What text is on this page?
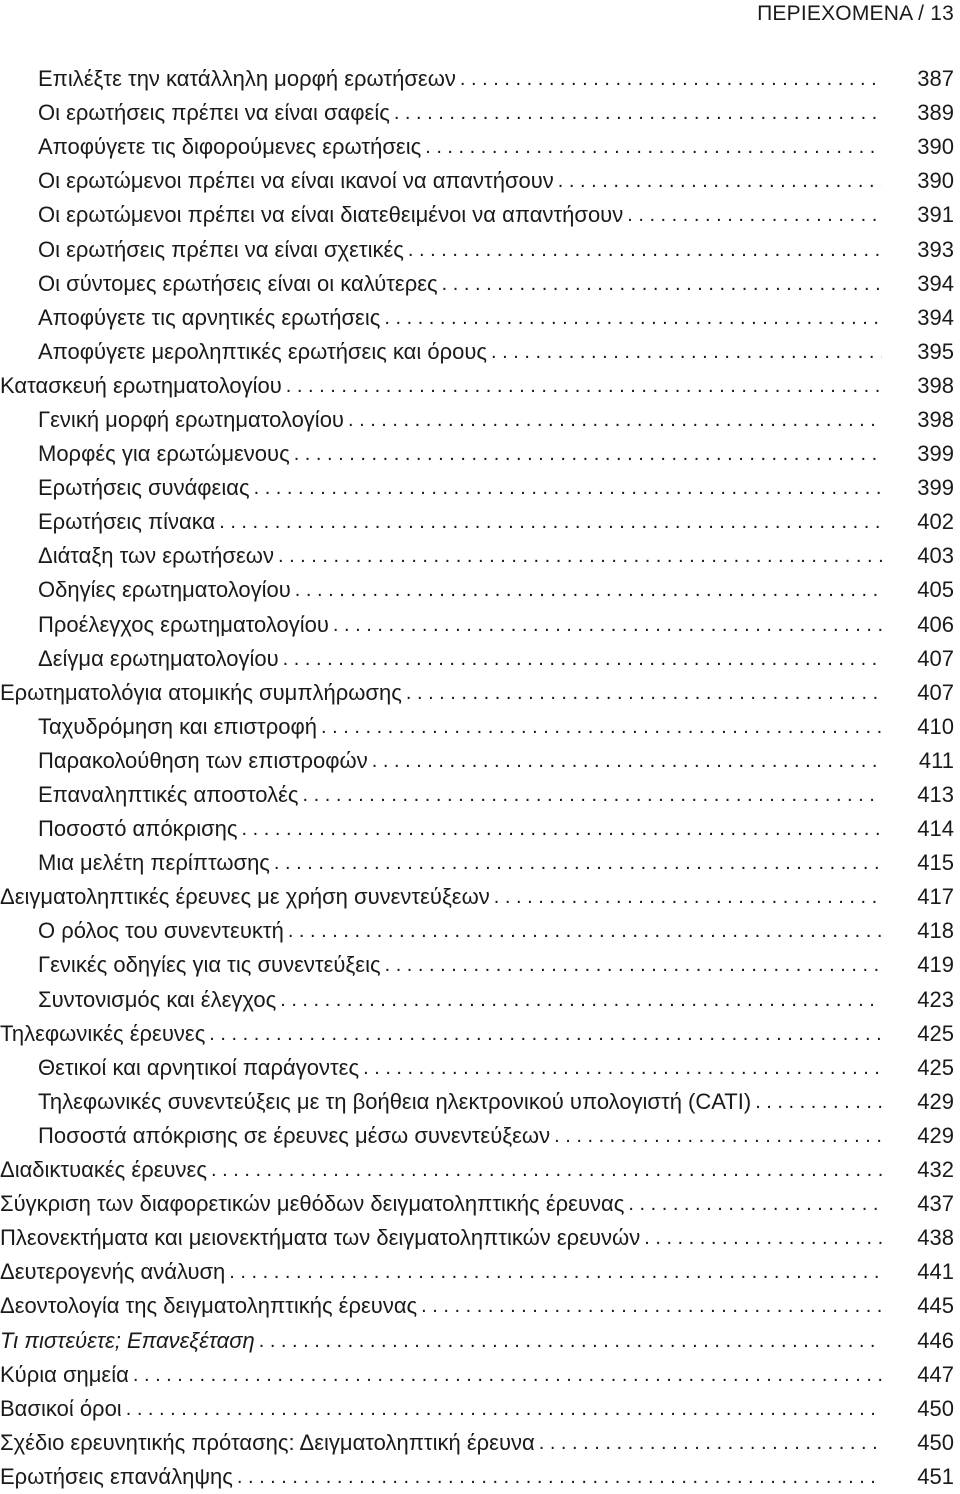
ΠΕΡΙΕΧΟΜΕΝΑ / 13
Επιλέξτε την κατάλληλη μορφή ερωτήσεων . . .	387
Οι ερωτήσεις πρέπει να είναι σαφείς . . .	389
Αποφύγετε τις διφορούμενες ερωτήσεις . . .	390
Οι ερωτώμενοι πρέπει να είναι ικανοί να απαντήσουν . . .	390
Οι ερωτώμενοι πρέπει να είναι διατεθειμένοι να απαντήσουν . . .	391
Οι ερωτήσεις πρέπει να είναι σχετικές . . .	393
Οι σύντομες ερωτήσεις είναι οι καλύτερες . . .	394
Αποφύγετε τις αρνητικές ερωτήσεις . . .	394
Αποφύγετε μεροληπτικές ερωτήσεις και όρους . . .	395
Κατασκευή ερωτηματολογίου . . .	398
Γενική μορφή ερωτηματολογίου . . .	398
Μορφές για ερωτώμενους . . .	399
Ερωτήσεις συνάφειας . . .	399
Ερωτήσεις πίνακα . . .	402
Διάταξη των ερωτήσεων . . .	403
Οδηγίες ερωτηματολογίου . . .	405
Προέλεγχος ερωτηματολογίου . . .	406
Δείγμα ερωτηματολογίου . . .	407
Ερωτηματολόγια ατομικής συμπλήρωσης . . .	407
Ταχυδρόμηση και επιστροφή . . .	410
Παρακολούθηση των επιστροφών . . .	411
Επαναληπτικές αποστολές . . .	413
Ποσοστό απόκρισης . . .	414
Μια μελέτη περίπτωσης . . .	415
Δειγματοληπτικές έρευνες με χρήση συνεντεύξεων . . .	417
Ο ρόλος του συνεντευκτή . . .	418
Γενικές οδηγίες για τις συνεντεύξεις . . .	419
Συντονισμός και έλεγχος . . .	423
Τηλεφωνικές έρευνες . . .	425
Θετικοί και αρνητικοί παράγοντες . . .	425
Τηλεφωνικές συνεντεύξεις με τη βοήθεια ηλεκτρονικού υπολογιστή (CATI) . . .	429
Ποσοστά απόκρισης σε έρευνες μέσω συνεντεύξεων . . .	429
Διαδικτυακές έρευνες . . .	432
Σύγκριση των διαφορετικών μεθόδων δειγματοληπτικής έρευνας . . .	437
Πλεονεκτήματα και μειονεκτήματα των δειγματοληπτικών ερευνών . . .	438
Δευτερογενής ανάλυση . . .	441
Δεοντολογία της δειγματοληπτικής έρευνας . . .	445
Τι πιστεύετε; Επανεξέταση . . .	446
Κύρια σημεία . . .	447
Βασικοί όροι . . .	450
Σχέδιο ερευνητικής πρότασης: Δειγματοληπτική έρευνα . . .	450
Ερωτήσεις επανάληψης . . .	451
